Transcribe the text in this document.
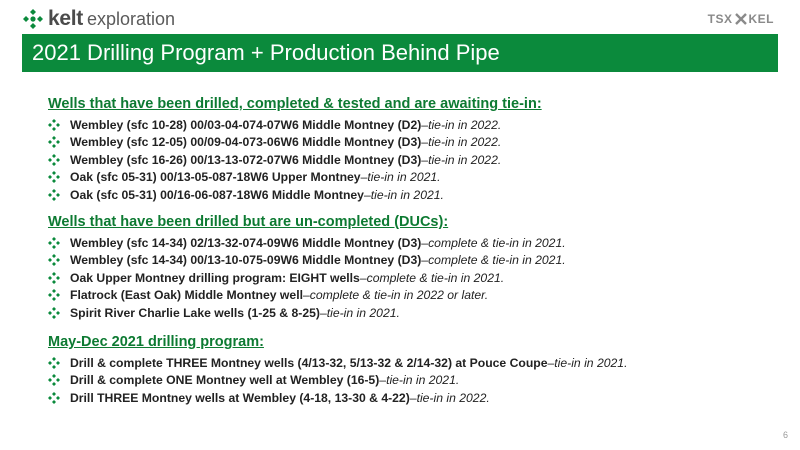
kelt exploration	TSX KEL
2021 Drilling Program + Production Behind Pipe
Wells that have been drilled, completed & tested and are awaiting tie-in:
Wembley (sfc 10-28) 00/03-04-074-07W6 Middle Montney (D2) – tie-in in 2022.
Wembley (sfc 12-05) 00/09-04-073-06W6 Middle Montney (D3) – tie-in in 2022.
Wembley (sfc 16-26) 00/13-13-072-07W6 Middle Montney (D3) – tie-in in 2022.
Oak (sfc 05-31) 00/13-05-087-18W6 Upper Montney – tie-in in 2021.
Oak (sfc 05-31) 00/16-06-087-18W6 Middle Montney – tie-in in 2021.
Wells that have been drilled but are un-completed (DUCs):
Wembley (sfc 14-34) 02/13-32-074-09W6 Middle Montney (D3) – complete & tie-in in 2021.
Wembley (sfc 14-34) 00/13-10-075-09W6 Middle Montney (D3) – complete & tie-in in 2021.
Oak Upper Montney drilling program: EIGHT wells – complete & tie-in in 2021.
Flatrock (East Oak) Middle Montney well – complete & tie-in in 2022 or later.
Spirit River Charlie Lake wells (1-25 & 8-25) – tie-in in 2021.
May-Dec 2021 drilling program:
Drill & complete THREE Montney wells (4/13-32, 5/13-32 & 2/14-32) at Pouce Coupe – tie-in in 2021.
Drill & complete ONE Montney well at Wembley (16-5) – tie-in in 2021.
Drill THREE Montney wells at Wembley (4-18, 13-30 & 4-22) – tie-in in 2022.
6
